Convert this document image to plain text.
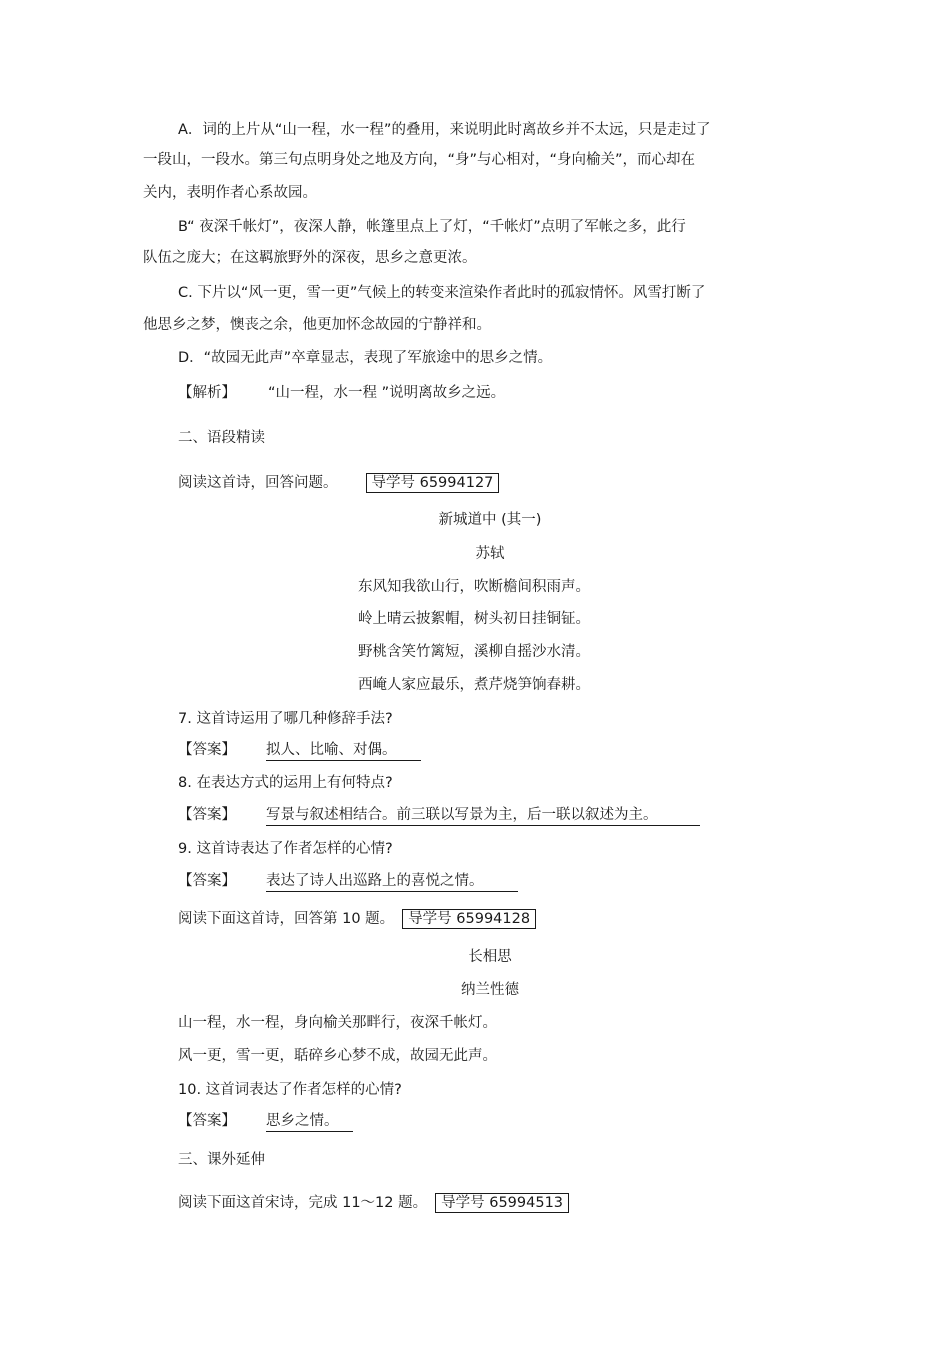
A．词的上片从“山一程，水一程”的叠用，来说明此时离故乡并不太远，只是走过了
一段山，一段水。第三句点明身处之地及方向，“身”与心相对，“身向榆关”，而心却在
关内，表明作者心系故园。
B“ 夜深千帐灯”，夜深人静，帐篷里点上了灯，“千帐灯”点明了军帐之多，此行
队伍之庞大；在这羁旅野外的深夜，思乡之意更浓。
C. 下片以“风一更，雪一更”气候上的转变来渲染作者此时的孤寂情怀。风雪打断了
他思乡之梦，懊丧之余，他更加怀念故园的宁静祥和。
D．“故园无此声”卒章显志，表现了军旅途中的思乡之情。
【解析】 “山一程，水一程 ”说明离故乡之远。
二、语段精读
阅读这首诗，回答问题。 导学号 65994127
新城道中 (其一)
苏轼
东风知我欲山行，吹断檐间积雨声。
岭上晴云披絮帽，树头初日挂铜钲。
野桃含笑竹篱短，溪柳自摇沙水清。
西崦人家应最乐，煮芹烧笋饷春耕。
7. 这首诗运用了哪几种修辞手法?
【答案】 拟人、比喻、对偶。
8. 在表达方式的运用上有何特点?
【答案】 写景与叙述相结合。前三联以写景为主，后一联以叙述为主。
9. 这首诗表达了作者怎样的心情?
【答案】 表达了诗人出巡路上的喜悦之情。
阅读下面这首诗，回答第 10 题。 导学号 65994128
长相思
纳兰性德
山一程，水一程，身向榆关那畔行，夜深千帐灯。
风一更，雪一更，聒碎乡心梦不成，故园无此声。
10. 这首词表达了作者怎样的心情?
【答案】 思乡之情。
三、课外延伸
阅读下面这首宋诗，完成 11～12 题。 导学号 65994513
